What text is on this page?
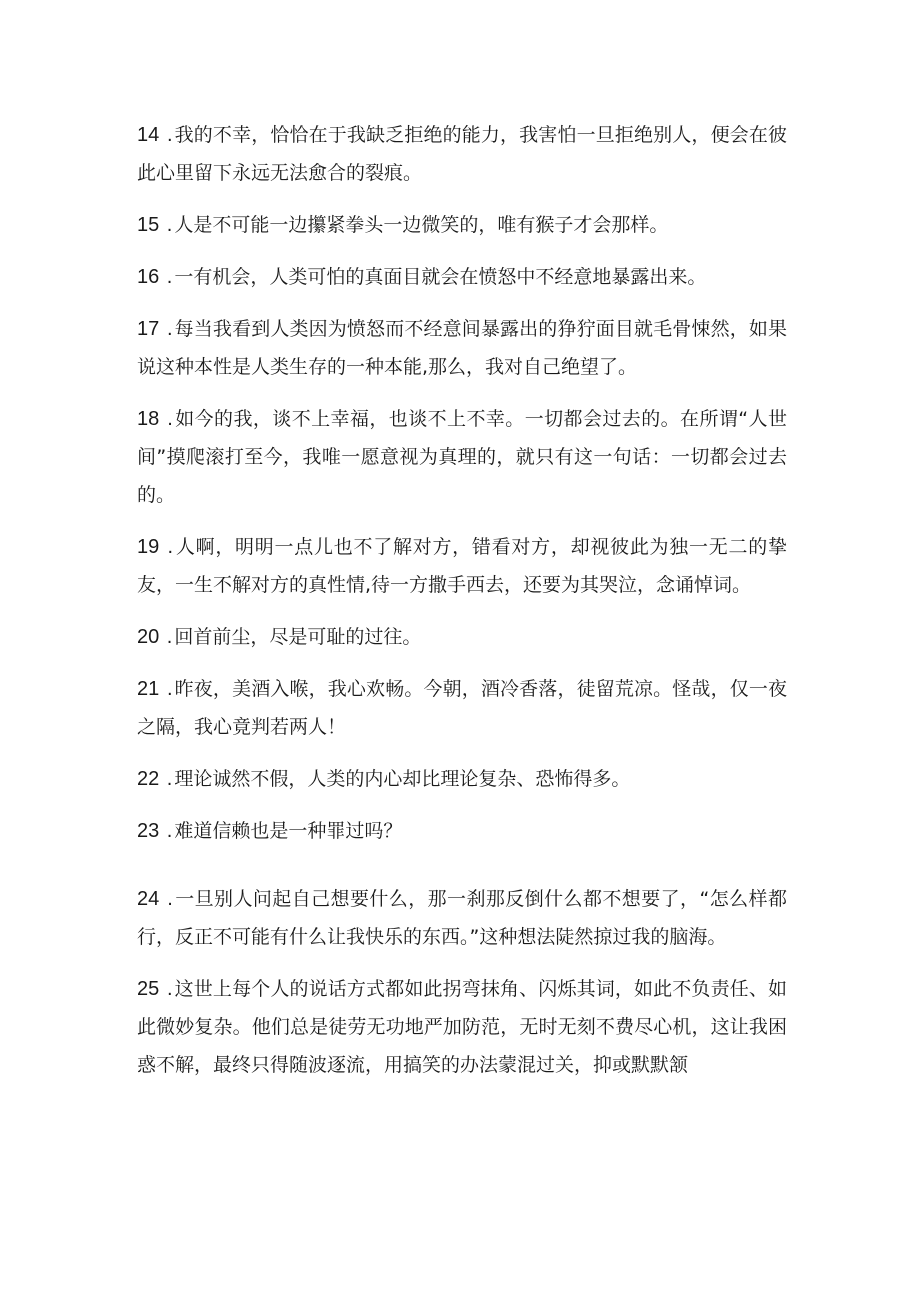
14 . 我的不幸，恰恰在于我缺乏拒绝的能力，我害怕一旦拒绝别人，便会在彼此心里留下永远无法愈合的裂痕。

15 . 人是不可能一边攥紧拳头一边微笑的，唯有猴子才会那样。

16 . 一有机会，人类可怕的真面目就会在愤怒中不经意地暴露出来。

17 . 每当我看到人类因为愤怒而不经意间暴露出的狰狞面目就毛骨悚然，如果说这种本性是人类生存的一种本能,那么，我对自己绝望了。

18 . 如今的我，谈不上幸福，也谈不上不幸。一切都会过去的。在所谓“人世间”摸爬滚打至今，我唯一愿意视为真理的，就只有这一句话：一切都会过去的。

19 . 人啊，明明一点儿也不了解对方，错看对方，却视彼此为独一无二的挚友，一生不解对方的真性情,待一方撒手西去，还要为其哭泣，念诵悼词。

20 . 回首前尘，尽是可耻的过往。

21 . 昨夜，美酒入喉，我心欢畅。今朝，酒冷香落，徒留荒凉。怪哉，仅一夜之隔，我心竟判若两人！

22 . 理论诚然不假，人类的内心却比理论复杂、恐怖得多。

23 . 难道信赖也是一种罪过吗？

24 . 一旦别人问起自己想要什么，那一刹那反倒什么都不想要了，“怎么样都行，反正不可能有什么让我快乐的东西。”这种想法陡然掠过我的脑海。

25 . 这世上每个人的说话方式都如此拐弯抹角、闪烁其词，如此不负责任、如此微妙复杂。他们总是徒劳无功地严加防范，无时无刻不费尽心机，这让我困惑不解，最终只得随波逐流，用搞笑的办法蒙混过关，抑或默默颔
